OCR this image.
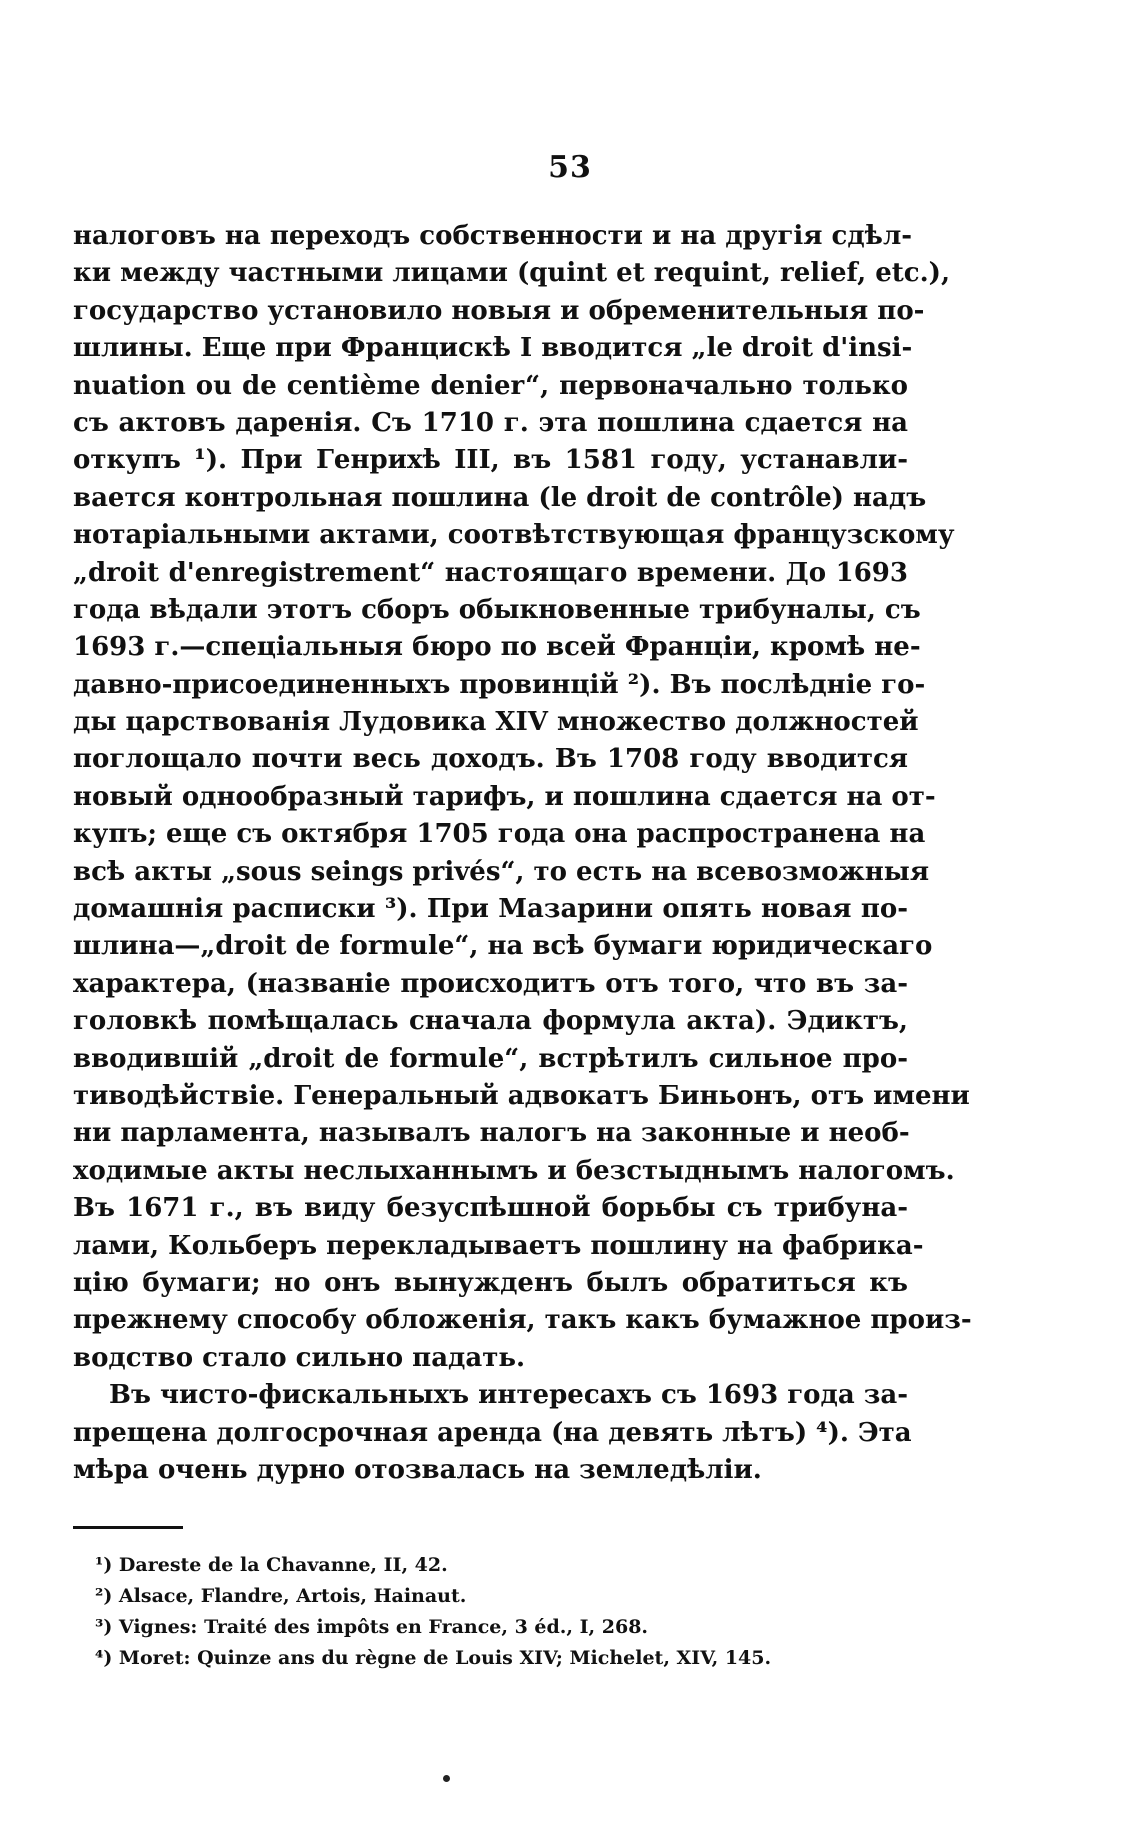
53
налоговъ на переходъ собственности и на другія сдѣл-
ки между частными лицами (quint et requint, relief, etc.),
государство установило новыя и обременительныя по-
шлины. Еще при Францискѣ I вводится „le droit d'insi-
nuation ou de centième denier“, первоначально только
съ актовъ даренія. Съ 1710 г. эта пошлина сдается на
откупъ ¹). При Генрихѣ III, въ 1581 году, устанавли-
вается контрольная пошлина (le droit de contrôle) надъ
нотаріальными актами, соотвѣтствующая французскому
„droit d'enregistrement“ настоящаго времени. До 1693
года вѣдали этотъ сборъ обыкновенные трибуналы, съ
1693 г.—спеціальныя бюро по всей Франціи, кромѣ не-
давно-присоединенныхъ провинцій ²). Въ послѣдніе го-
ды царствованія Лудовика XIV множество должностей
поглощало почти весь доходъ. Въ 1708 году вводится
новый однообразный тарифъ, и пошлина сдается на от-
купъ; еще съ октября 1705 года она распространена на
всѣ акты „sous seings privés“, то есть на всевозможныя
домашнія расписки ³). При Мазарини опять новая по-
шлина—„droit de formule“, на всѣ бумаги юридическаго
характера, (названіе происходитъ отъ того, что въ за-
головкѣ помѣщалась сначала формула акта). Эдиктъ,
вводившій „droit de formule“, встрѣтилъ сильное про-
тиводѣйствіе. Генеральный адвокатъ Биньонъ, отъ имени
ни парламента, называлъ налогъ на законные и необ-
ходимые акты неслыханнымъ и безстыднымъ налогомъ.
Въ 1671 г., въ виду безуспѣшной борьбы съ трибуна-
лами, Кольберъ перекладываетъ пошлину на фабрика-
цію бумаги; но онъ вынужденъ былъ обратиться къ
прежнему способу обложенія, такъ какъ бумажное произ-
водство стало сильно падать.
Въ чисто-фискальныхъ интересахъ съ 1693 года за-
прещена долгосрочная аренда (на девять лѣтъ) ⁴). Эта
мѣра очень дурно отозвалась на земледѣліи.
¹) Dareste de la Chavanne, II, 42.
²) Alsace, Flandre, Artois, Hainaut.
³) Vignes: Traité des impôts en France, 3 éd., I, 268.
⁴) Moret: Quinze ans du règne de Louis XIV; Michelet, XIV, 145.
